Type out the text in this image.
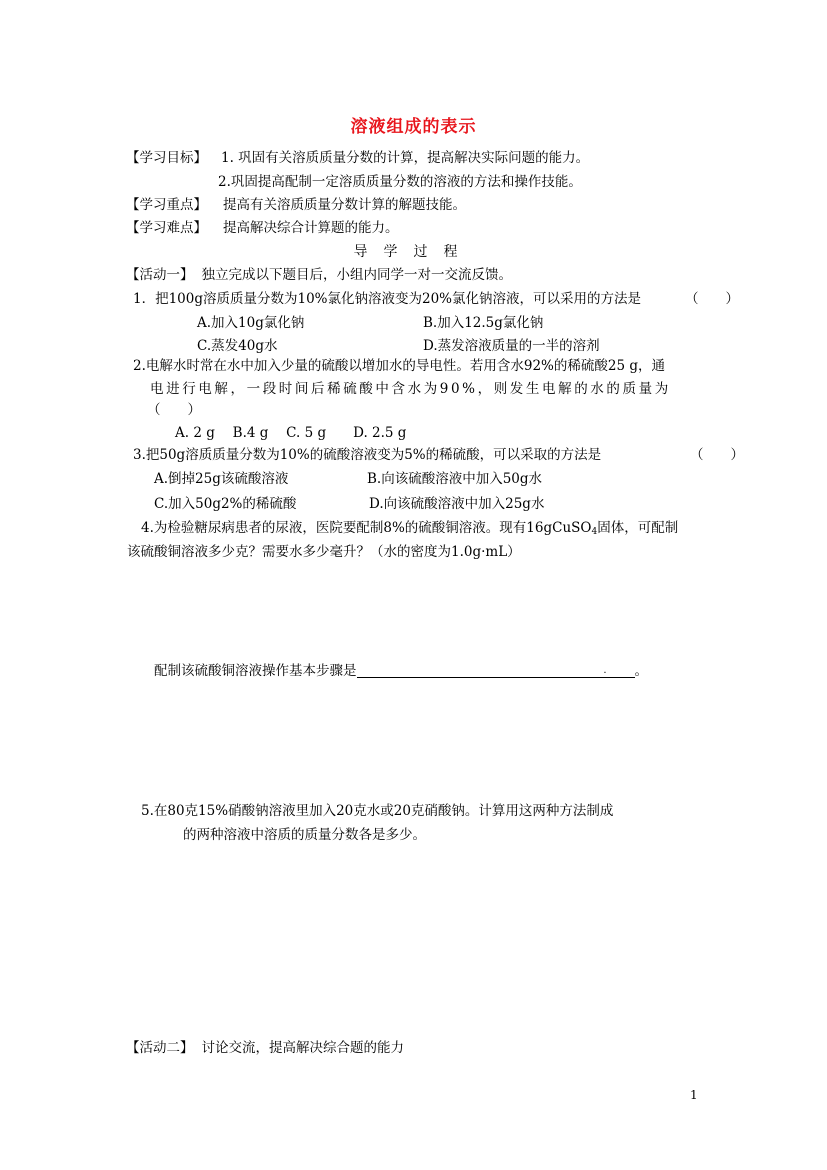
溶液组成的表示
【学习目标】 1. 巩固有关溶质质量分数的计算，提高解决实际问题的能力。
2.巩固提高配制一定溶质质量分数的溶液的方法和操作技能。
【学习重点】 提高有关溶质质量分数计算的解题技能。
【学习难点】 提高解决综合计算题的能力。
导学过程
【活动一】 独立完成以下题目后，小组内同学一对一交流反馈。
1．把100g溶质质量分数为10%氯化钠溶液变为20%氯化钠溶液，可以采用的方法是	（　　）
A.加入10g氯化钠	B.加入12.5g氯化钠
C.蒸发40g水	D.蒸发溶液质量的一半的溶剂
2.电解水时常在水中加入少量的硫酸以增加水的导电性。若用含水92%的稀硫酸25 g，通
电进行电解，一段时间后稀硫酸中含水为90%，则发生电解的水的质量为
（　　）
A. 2 g　 B.4 g　 C. 5 g　　D. 2.5 g
3.把50g溶质质量分数为10%的硫酸溶液变为5%的稀硫酸，可以采取的方法是	（　　）
A.倒掉25g该硫酸溶液	B.向该硫酸溶液中加入50g水
C.加入50g2%的稀硫酸	D.向该硫酸溶液中加入25g水
4.为检验糖尿病患者的尿液，医院要配制8%的硫酸铜溶液。现有16gCuSO$_4$固体，可配制
该硫酸铜溶液多少克？需要水多少毫升？（水的密度为1.0g·mL）
配制该硫酸铜溶液操作基本步骤是	. 。
5.在80克15%硝酸钠溶液里加入20克水或20克硝酸钠。计算用这两种方法制成
的两种溶液中溶质的质量分数各是多少。
【活动二】 讨论交流，提高解决综合题的能力
1
